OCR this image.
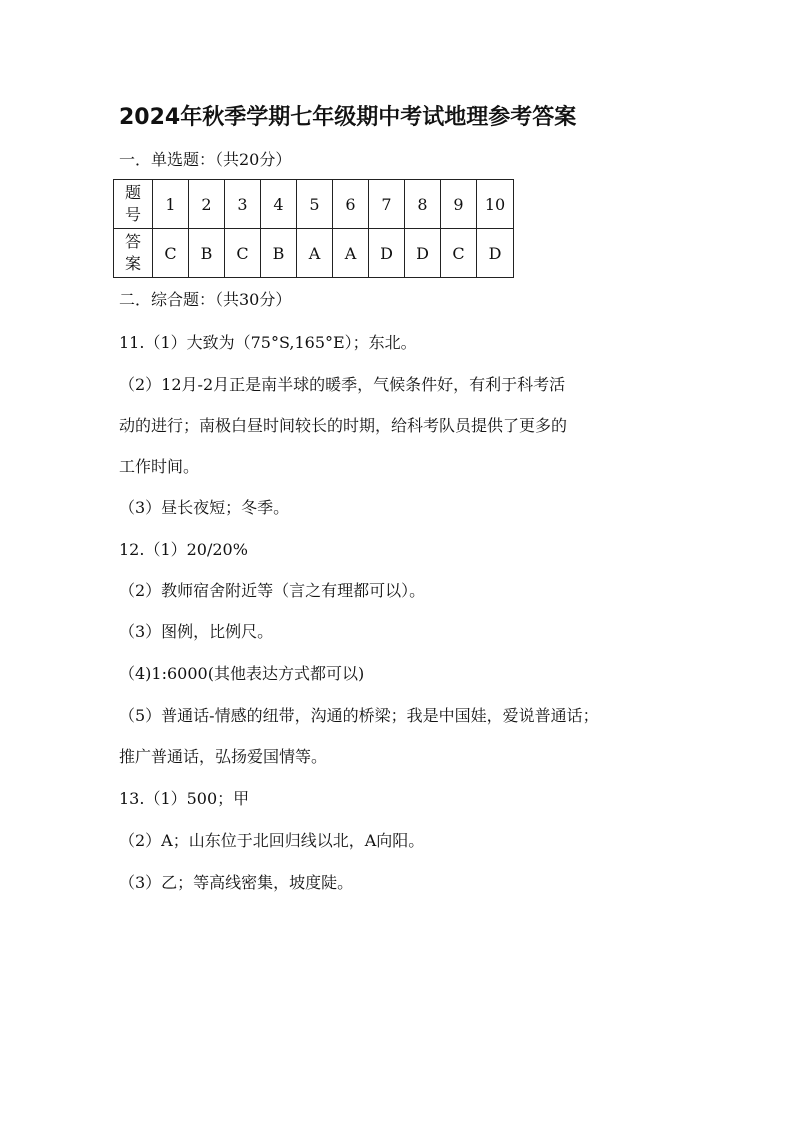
2024年秋季学期七年级期中考试地理参考答案
一．单选题：（共20分）
题
号	1	2	3	4	5	6	7	8	9	10

答
案	C	B	C	B	A	A	D	D	C	D
二．综合题：（共30分）
11.（1）大致为（75°S,165°E）；东北。
（2）12月-2月正是南半球的暖季，气候条件好，有利于科考活
动的进行；南极白昼时间较长的时期，给科考队员提供了更多的
工作时间。
（3）昼长夜短；冬季。
12.（1）20/20%
（2）教师宿舍附近等（言之有理都可以）。
（3）图例，比例尺。
（4)1:6000(其他表达方式都可以)
（5）普通话-情感的纽带，沟通的桥梁；我是中国娃，爱说普通话；
推广普通话，弘扬爱国情等。
13.（1）500；甲
（2）A；山东位于北回归线以北，A向阳。
（3）乙；等高线密集，坡度陡。
